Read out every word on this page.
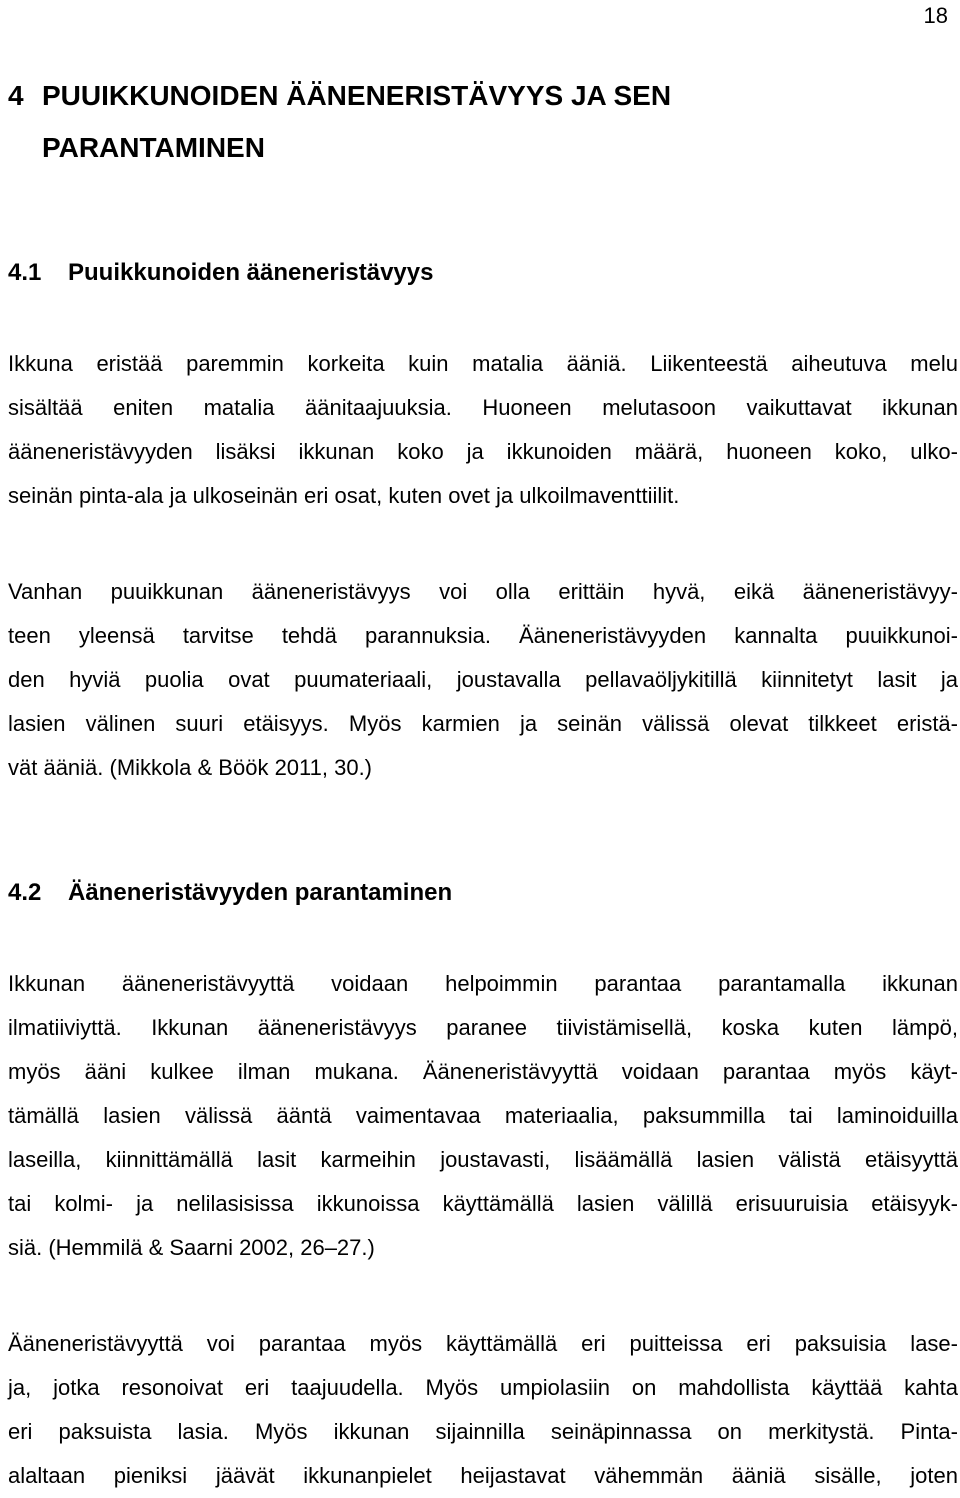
18
4 PUUIKKUNOIDEN ÄÄNENERISTÄVYYS JA SEN
PARANTAMINEN
4.1 Puuikkunoiden ääneneristävyys
Ikkuna eristää paremmin korkeita kuin matalia ääniä. Liikenteestä aiheutuva melu
sisältää eniten matalia äänitaajuuksia. Huoneen melutasoon vaikuttavat ikkunan
ääneneristävyyden lisäksi ikkunan koko ja ikkunoiden määrä, huoneen koko, ulko-
seinän pinta-ala ja ulkoseinän eri osat, kuten ovet ja ulkoilmaventtiilit.
Vanhan puuikkunan ääneneristävyys voi olla erittäin hyvä, eikä ääneneristävyy-
teen yleensä tarvitse tehdä parannuksia. Ääneneristävyyden kannalta puuikkunoi-
den hyviä puolia ovat puumateriaali, joustavalla pellavaöljykitillä kiinnitetyt lasit ja
lasien välinen suuri etäisyys. Myös karmien ja seinän välissä olevat tilkkeet eristä-
vät ääniä. (Mikkola & Böök 2011, 30.)
4.2 Ääneneristävyyden parantaminen
Ikkunan ääneneristävyyttä voidaan helpoimmin parantaa parantamalla ikkunan
ilmatiiviyttä. Ikkunan ääneneristävyys paranee tiivistämisellä, koska kuten lämpö,
myös ääni kulkee ilman mukana. Ääneneristävyyttä voidaan parantaa myös käyt-
tämällä lasien välissä ääntä vaimentavaa materiaalia, paksummilla tai laminoiduilla
laseilla, kiinnittämällä lasit karmeihin joustavasti, lisäämällä lasien välistä etäisyyttä
tai kolmi- ja nelilasisissa ikkunoissa käyttämällä lasien välillä erisuuruisia etäisyyk-
siä. (Hemmilä & Saarni 2002, 26–27.)
Ääneneristävyyttä voi parantaa myös käyttämällä eri puitteissa eri paksuisia lase-
ja, jotka resonoivat eri taajuudella. Myös umpiolasiin on mahdollista käyttää kahta
eri paksuista lasia. Myös ikkunan sijainnilla seinäpinnassa on merkitystä. Pinta-
alaltaan pieniksi jäävät ikkunanpielet heijastavat vähemmän ääniä sisälle, joten
